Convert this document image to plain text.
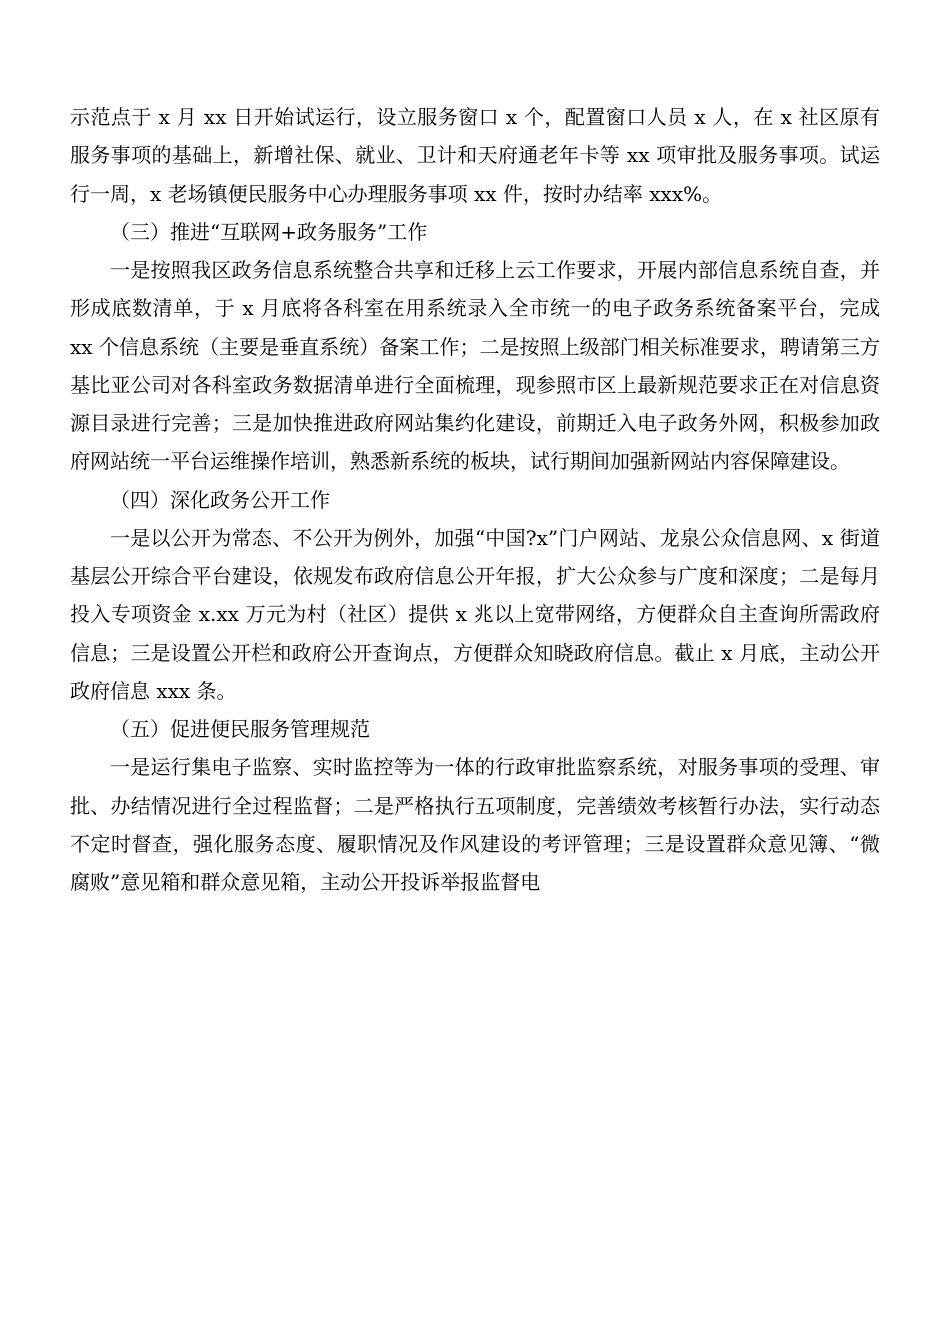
示范点于 x 月 xx 日开始试运行，设立服务窗口 x 个，配置窗口人员 x 人，在 x 社区原有服务事项的基础上，新增社保、就业、卫计和天府通老年卡等 xx 项审批及服务事项。试运行一周，x 老场镇便民服务中心办理服务事项 xx 件，按时办结率 xxx%。

（三）推进“互联网+政务服务”工作

一是按照我区政务信息系统整合共享和迁移上云工作要求，开展内部信息系统自查，并形成底数清单，于 x 月底将各科室在用系统录入全市统一的电子政务系统备案平台，完成 xx 个信息系统（主要是垂直系统）备案工作；二是按照上级部门相关标准要求，聘请第三方基比亚公司对各科室政务数据清单进行全面梳理，现参照市区上最新规范要求正在对信息资源目录进行完善；三是加快推进政府网站集约化建设，前期迁入电子政务外网，积极参加政府网站统一平台运维操作培训，熟悉新系统的板块，试行期间加强新网站内容保障建设。

（四）深化政务公开工作

一是以公开为常态、不公开为例外，加强“中国?x”门户网站、龙泉公众信息网、x 街道基层公开综合平台建设，依规发布政府信息公开年报，扩大公众参与广度和深度；二是每月投入专项资金 x.xx 万元为村（社区）提供 x 兆以上宽带网络，方便群众自主查询所需政府信息；三是设置公开栏和政府公开查询点，方便群众知晓政府信息。截止 x 月底，主动公开政府信息 xxx 条。

（五）促进便民服务管理规范

一是运行集电子监察、实时监控等为一体的行政审批监察系统，对服务事项的受理、审批、办结情况进行全过程监督；二是严格执行五项制度，完善绩效考核暂行办法，实行动态不定时督查，强化服务态度、履职情况及作风建设的考评管理；三是设置群众意见簿、“微腐败”意见箱和群众意见箱，主动公开投诉举报监督电
